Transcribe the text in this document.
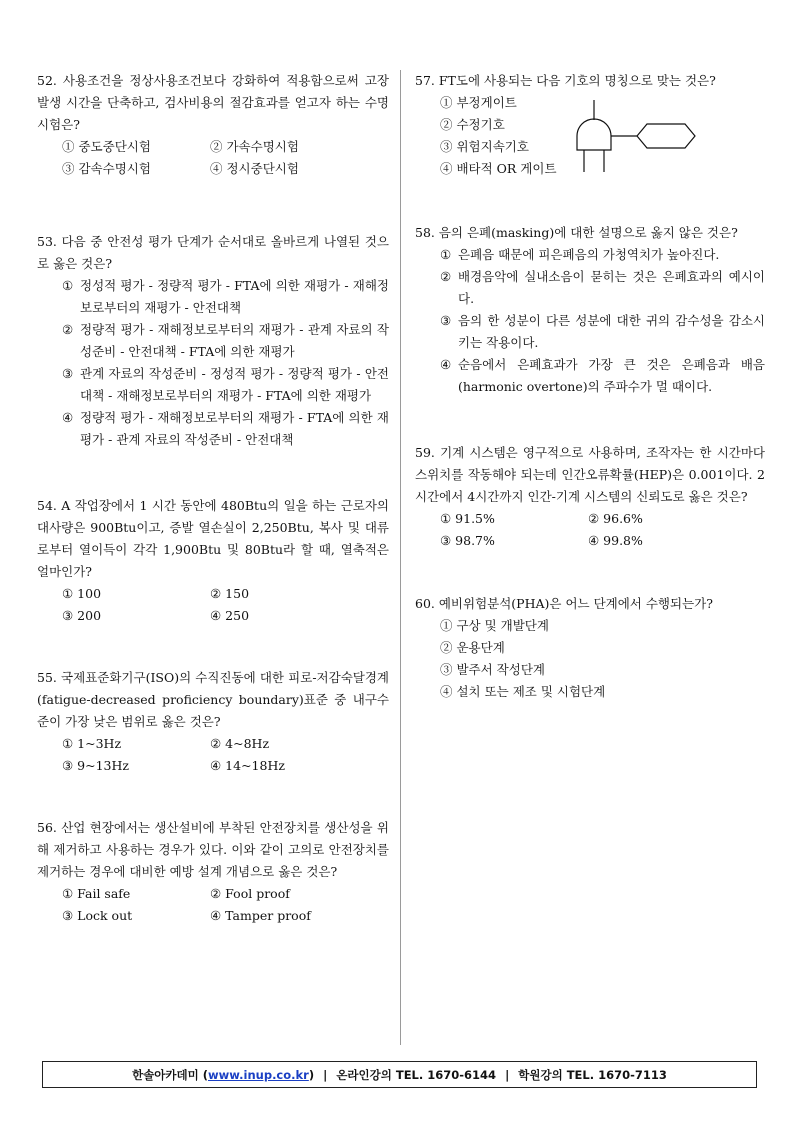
52. 사용조건을 정상사용조건보다 강화하여 적용함으로써 고장 발생 시간을 단축하고, 검사비용의 절감효과를 얻고자 하는 수명 시험은?

① 중도중단시험	② 가속수명시험
③ 감속수명시험	④ 정시중단시험

53. 다음 중 안전성 평가 단계가 순서대로 올바르게 나열된 것으로 옳은 것은?

① 정성적 평가 - 정량적 평가 - FTA에 의한 재평가 - 재해정보로부터의 재평가 - 안전대책
② 정량적 평가 - 재해정보로부터의 재평가 - 관계 자료의 작성준비 - 안전대책 - FTA에 의한 재평가
③ 관계 자료의 작성준비 - 정성적 평가 - 정량적 평가 - 안전대책 - 재해정보로부터의 재평가 - FTA에 의한 재평가
④ 정량적 평가 - 재해정보로부터의 재평가 - FTA에 의한 재평가 - 관계 자료의 작성준비 - 안전대책

54. A 작업장에서 1 시간 동안에 480Btu의 일을 하는 근로자의 대사량은 900Btu이고, 증발 열손실이 2,250Btu, 복사 및 대류로부터 열이득이 각각 1,900Btu 및 80Btu라 할 때, 열축적은 얼마인가?

① 100	② 150
③ 200	④ 250

55. 국제표준화기구(ISO)의 수직진동에 대한 피로-저감숙달경계(fatigue-decreased proficiency boundary)표준 중 내구수준이 가장 낮은 범위로 옳은 것은?

① 1~3Hz	② 4~8Hz
③ 9~13Hz	④ 14~18Hz

56. 산업 현장에서는 생산설비에 부착된 안전장치를 생산성을 위해 제거하고 사용하는 경우가 있다. 이와 같이 고의로 안전장치를 제거하는 경우에 대비한 예방 설계 개념으로 옳은 것은?

① Fail safe	② Fool proof
③ Lock out	④ Tamper proof

57. FT도에 사용되는 다음 기호의 명칭으로 맞는 것은?

① 부정게이트
② 수정기호
③ 위험지속기호
④ 배타적 OR 게이트

58. 음의 은폐(masking)에 대한 설명으로 옳지 않은 것은?

① 은폐음 때문에 피은폐음의 가청역치가 높아진다.
② 배경음악에 실내소음이 묻히는 것은 은폐효과의 예시이다.
③ 음의 한 성분이 다른 성분에 대한 귀의 감수성을 감소시키는 작용이다.
④ 순음에서 은폐효과가 가장 큰 것은 은폐음과 배음(harmonic overtone)의 주파수가 멀 때이다.

59. 기계 시스템은 영구적으로 사용하며, 조작자는 한 시간마다 스위치를 작동해야 되는데 인간오류확률(HEP)은 0.001이다. 2시간에서 4시간까지 인간-기계 시스템의 신뢰도로 옳은 것은?

① 91.5%	② 96.6%
③ 98.7%	④ 99.8%

60. 예비위험분석(PHA)은 어느 단계에서 수행되는가?

① 구상 및 개발단계
② 운용단계
③ 발주서 작성단계
④ 설치 또는 제조 및 시험단계
한솔아카데미 ( www.inup.co.kr ) | 온라인강의 TEL. 1670-6144 | 학원강의 TEL. 1670-7113
